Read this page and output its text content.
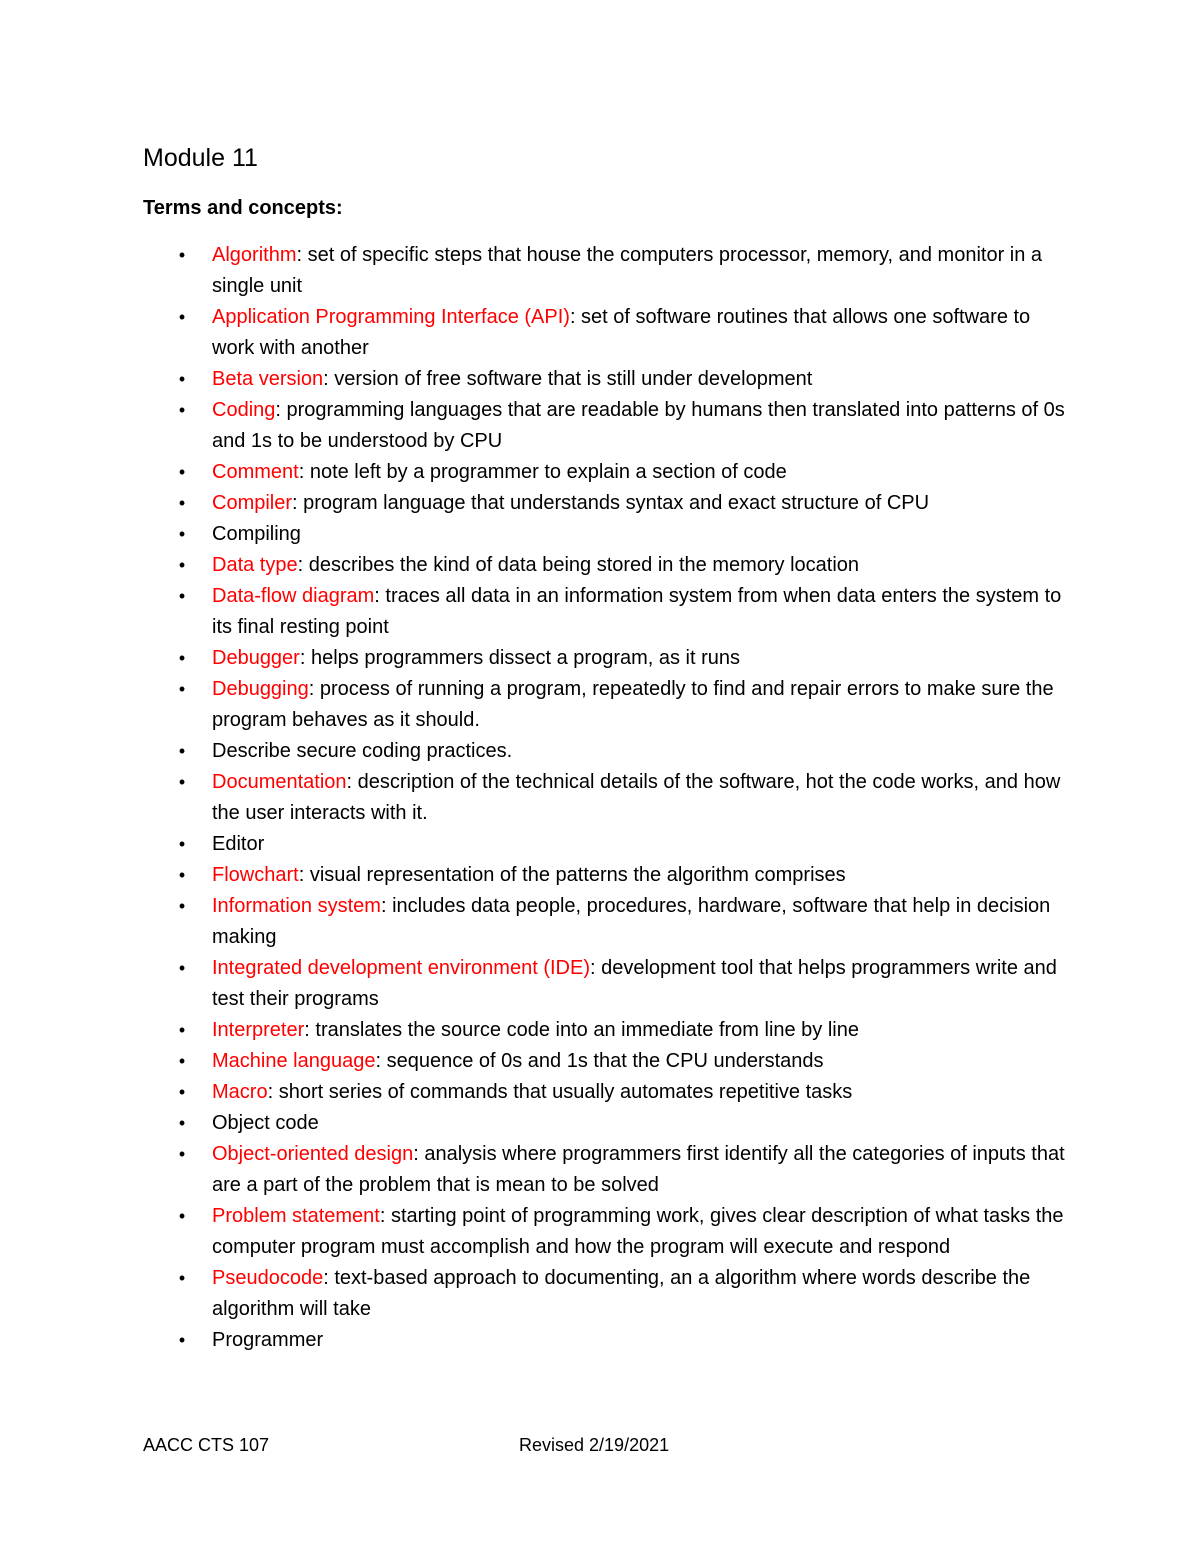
Module 11
Terms and concepts:
• Algorithm: set of specific steps that house the computers processor, memory, and monitor in a single unit
• Application Programming Interface (API): set of software routines that allows one software to work with another
• Beta version: version of free software that is still under development
• Coding: programming languages that are readable by humans then translated into patterns of 0s and 1s to be understood by CPU
• Comment: note left by a programmer to explain a section of code
• Compiler: program language that understands syntax and exact structure of CPU
• Compiling
• Data type: describes the kind of data being stored in the memory location
• Data-flow diagram: traces all data in an information system from when data enters the system to its final resting point
• Debugger: helps programmers dissect a program, as it runs
• Debugging: process of running a program, repeatedly to find and repair errors to make sure the program behaves as it should.
• Describe secure coding practices.
• Documentation: description of the technical details of the software, hot the code works, and how the user interacts with it.
• Editor
• Flowchart: visual representation of the patterns the algorithm comprises
• Information system: includes data people, procedures, hardware, software that help in decision making
• Integrated development environment (IDE): development tool that helps programmers write and test their programs
• Interpreter: translates the source code into an immediate from line by line
• Machine language: sequence of 0s and 1s that the CPU understands
• Macro: short series of commands that usually automates repetitive tasks
• Object code
• Object-oriented design: analysis where programmers first identify all the categories of inputs that are a part of the problem that is mean to be solved
• Problem statement: starting point of programming work, gives clear description of what tasks the computer program must accomplish and how the program will execute and respond
• Pseudocode: text-based approach to documenting, an a algorithm where words describe the algorithm will take
• Programmer
AACC CTS 107	Revised 2/19/2021
